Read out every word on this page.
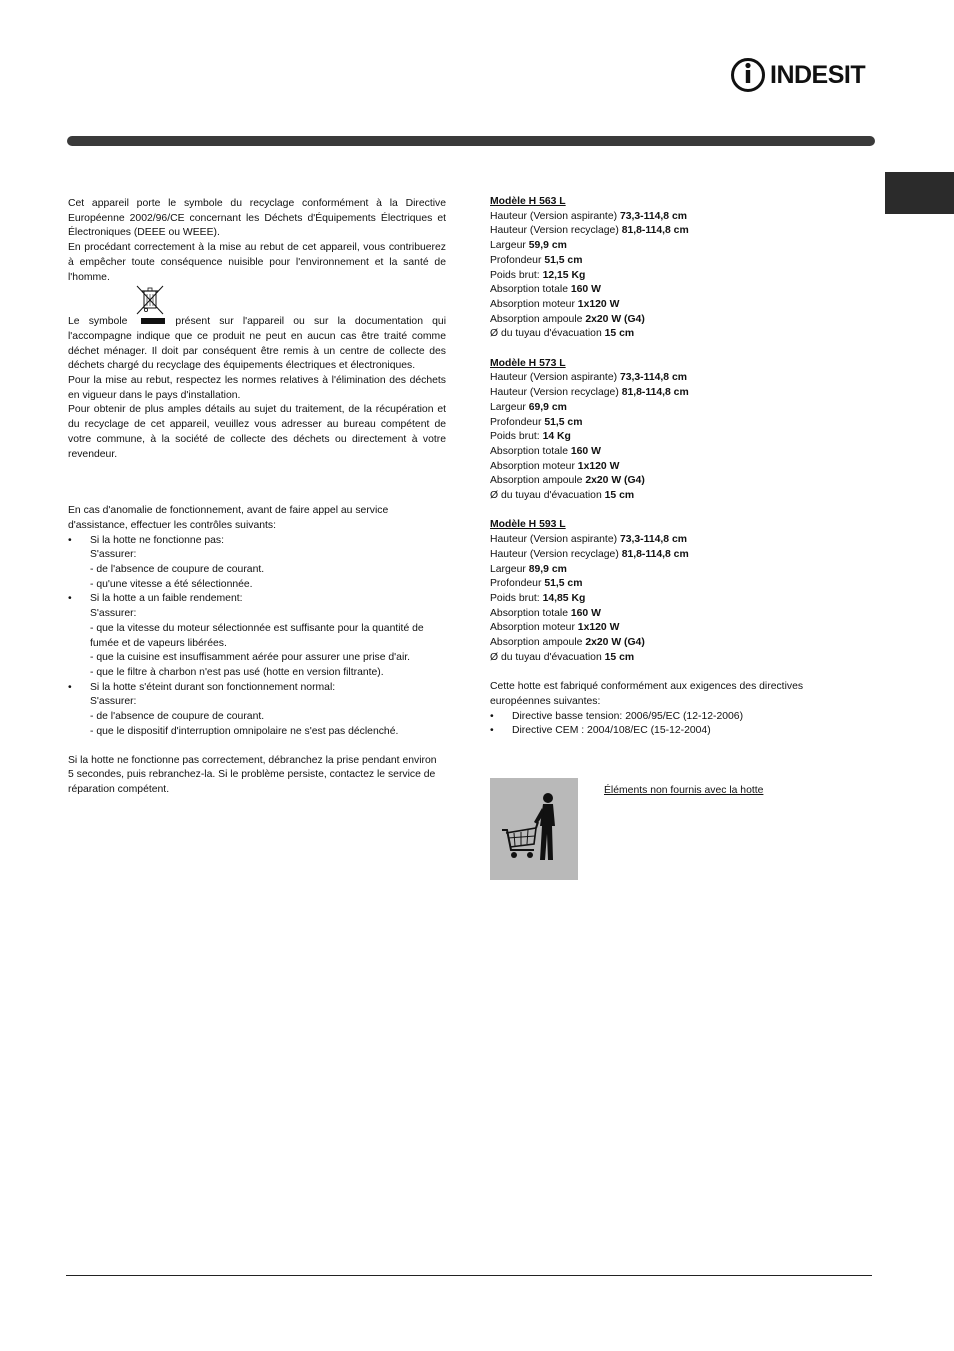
INDESIT

Cet appareil porte le symbole du recyclage conformément à la Directive Européenne 2002/96/CE concernant les Déchets d'Équipements Électriques et Électroniques (DEEE ou WEEE).

En procédant correctement à la mise au rebut de cet appareil, vous contribuerez à empêcher toute conséquence nuisible pour l'environnement et la santé de l'homme.

Le symbole	présent sur l'appareil ou sur la documentation qui

l'accompagne indique que ce produit ne peut en aucun cas être traité comme déchet ménager. Il doit par conséquent être remis à un centre de collecte des déchets chargé du recyclage des équipements électriques et électroniques.

Pour la mise au rebut, respectez les normes relatives à l'élimination des déchets en vigueur dans le pays d'installation.

Pour obtenir de plus amples détails au sujet du traitement, de la récupération et du recyclage de cet appareil, veuillez vous adresser au bureau compétent de votre commune, à la société de collecte des déchets ou directement à votre revendeur.

En cas d'anomalie de fonctionnement, avant de faire appel au service

d'assistance, effectuer les contrôles suivants:

• Si la hotte ne fonctionne pas:

S'assurer:

- de l'absence de coupure de courant.

- qu'une vitesse a été sélectionnée.

• Si la hotte a un faible rendement:

S'assurer:

- que la vitesse du moteur sélectionnée est suffisante pour la quantité de

fumée et de vapeurs libérées.

- que la cuisine est insuffisamment aérée pour assurer une prise d'air.

- que le filtre à charbon n'est pas usé (hotte en version filtrante).

• Si la hotte s'éteint durant son fonctionnement normal:

S'assurer:

- de l'absence de coupure de courant.

- que le dispositif d'interruption omnipolaire ne s'est pas déclenché.

Si la hotte ne fonctionne pas correctement, débranchez la prise pendant environ

5 secondes, puis rebranchez-la. Si le problème persiste, contactez le service de

réparation compétent.

Modèle H 563 L

Hauteur (Version aspirante) 73,3-114,8 cm

Hauteur (Version recyclage) 81,8-114,8 cm

Largeur 59,9 cm

Profondeur 51,5 cm

Poids brut: 12,15 Kg

Absorption totale 160 W

Absorption moteur 1x120 W

Absorption ampoule 2x20 W (G4)

Ø du tuyau d'évacuation 15 cm

Modèle H 573 L

Hauteur (Version aspirante) 73,3-114,8 cm

Hauteur (Version recyclage) 81,8-114,8 cm

Largeur 69,9 cm

Profondeur 51,5 cm

Poids brut: 14 Kg

Absorption totale 160 W

Absorption moteur 1x120 W

Absorption ampoule 2x20 W (G4)

Ø du tuyau d'évacuation 15 cm

Modèle H 593 L

Hauteur (Version aspirante) 73,3-114,8 cm

Hauteur (Version recyclage) 81,8-114,8 cm

Largeur 89,9 cm

Profondeur 51,5 cm

Poids brut: 14,85 Kg

Absorption totale 160 W

Absorption moteur 1x120 W

Absorption ampoule 2x20 W (G4)

Ø du tuyau d'évacuation 15 cm

Cette hotte est fabriqué conformément aux exigences des directives

européennes suivantes:

• Directive basse tension: 2006/95/EC (12-12-2006)

• Directive CEM : 2004/108/EC (15-12-2004)

Éléments non fournis avec la hotte
